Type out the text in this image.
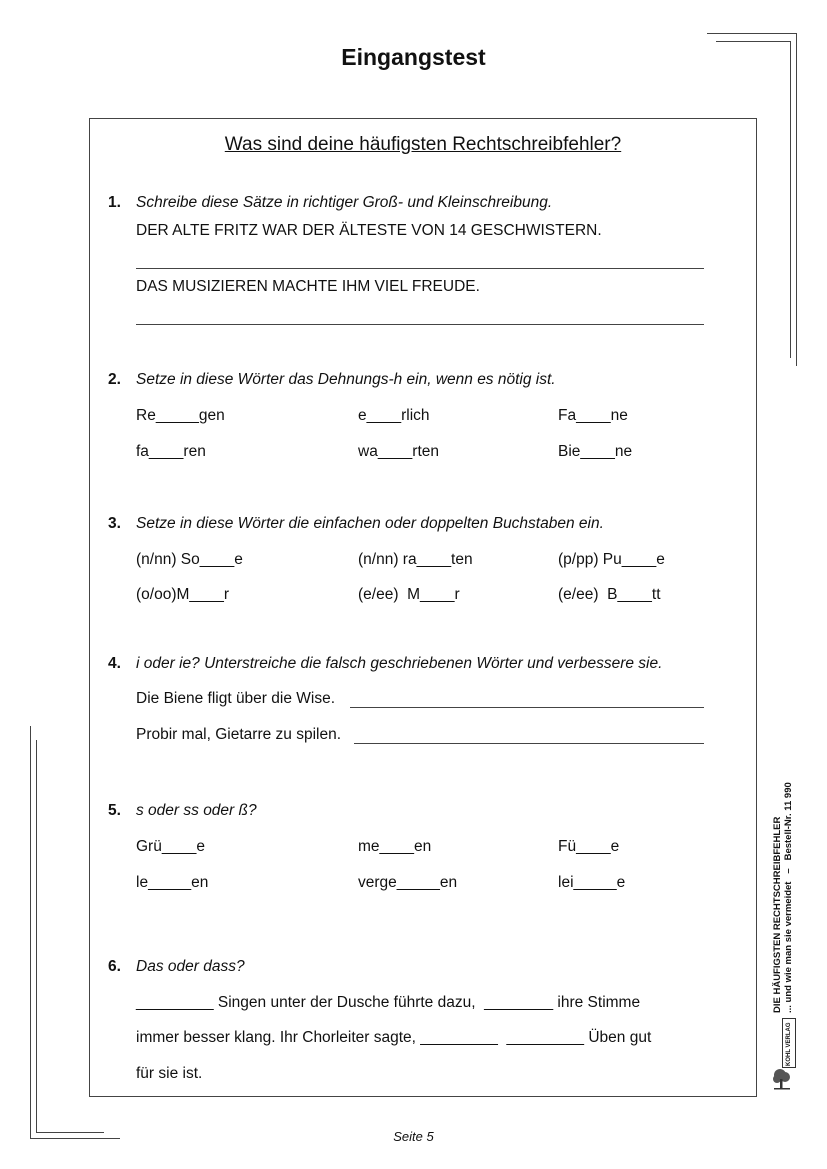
Eingangstest
Was sind deine häufigsten Rechtschreibfehler?
1. Schreibe diese Sätze in richtiger Groß- und Kleinschreibung.
DER ALTE FRITZ WAR DER ÄLTESTE VON 14 GESCHWISTERN.
DAS MUSIZIEREN MACHTE IHM VIEL FREUDE.
2. Setze in diese Wörter das Dehnungs-h ein, wenn es nötig ist.
Re_____gen	e____rlich	Fa____ne
fa____ren	wa____rten	Bie____ne
3. Setze in diese Wörter die einfachen oder doppelten Buchstaben ein.
(n/nn) So____e	(n/nn) ra____ten	(p/pp) Pu____e
(o/oo)M____r	(e/ee)  M____r	(e/ee)  B____tt
4. i oder ie? Unterstreiche die falsch geschriebenen Wörter und verbessere sie.
Die Biene fligt über die Wise.
Probir mal, Gietarre zu spilen.
5. s oder ss oder ß?
Grü____e	me____en	Fü____e
le_____en	verge_____en	lei_____e
6. Das oder dass?
_________ Singen unter der Dusche führte dazu,  ________ ihre Stimme
immer besser klang. Ihr Chorleiter sagte, _________  _________ Üben gut
für sie ist.
DIE HÄUFIGSTEN RECHTSCHREIBFEHLER ... und wie man sie vermeidet   –   Bestell-Nr. 11 990
KOHL VERLAG
Seite 5
